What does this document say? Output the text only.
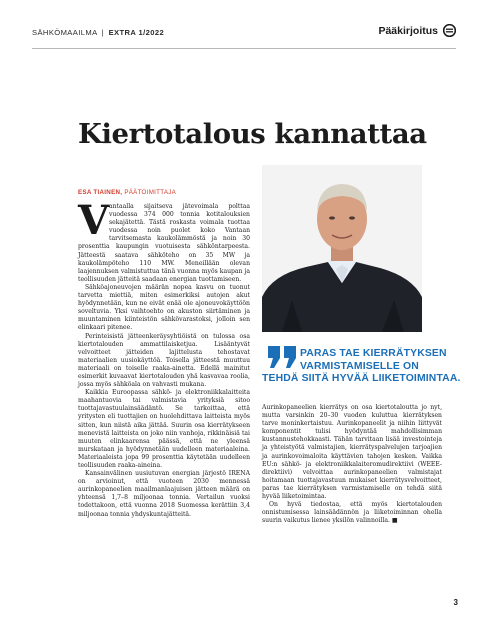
SÄHKÖMAAILMA | EXTRA 1/2022	Pääkirjoitus
Kiertotalous kannattaa
ESA TIAINEN, PÄÄTOIMITTAJA

Vantaalla sijaitseva jätevoimala polttaa vuodessa 374 000 tonnia kotitalouksien sekajätettä. Tästä roskasta voimala tuottaa vuodessa noin puolet koko Vantaan tarvitsemasta kaukolämmöstä ja noin 30 prosenttia kaupungin vuotuisesta sähköntarpeesta. Jätteestä saatava sähköteho on 35 MW ja kaukolämpöteho 110 MW. Meneillään olevan laajennuksen valmistuttua tänä vuonna myös kaupan ja teollisuuden jätteitä saadaan energian tuottamiseen.

Sähköajoneuvojen määrän nopea kasvu on tuonut tarvetta miettiä, miten esimerkiksi autojen akut hyödynnetään, kun ne eivät enää ole ajoneuvokäyttöön soveltuvia. Yksi vaihtoehto on akuston siirtäminen ja muuntaminen kiinteistön sähkövarastoksi, jolloin sen elinkaari pitenee.

Perinteisistä jätteenkeräysyhtiöistä on tulossa osa kiertotalouden ammattilaisketjua. Lisääntyvät velvoitteet jätteiden lajittelusta tehostavat materiaalien uusiokäyttöä. Toisella jätteestä muuttuu materiaali on toiselle raaka-ainetta. Edellä mainitut esimerkit kuvaavat kiertotalouden yhä kasvavaa roolia, jossa myös sähköala on vahvasti mukana.

Kaikkia Euroopassa sähkö- ja elektroniikkalaitteita maahantuovia tai valmistavia yrityksiä sitoo tuottajavastuulainsäädäntö. Se tarkoittaa, että yritysten eli tuottajien on huolehdittava laitteista myös sitten, kun niistä aika jättää. Suurin osa kierrätykseen menevistä laitteista on joko niin vanhoja, rikkinäisiä tai muuten elinkaarensa päässä, että ne yleensä murskataan ja hyödynnetään uudelleen materiaaleina. Materiaaleista jopa 99 prosenttia käytetään uudelleen teollisuuden raaka-aineina.

Kansainvälinen uusiutuvan energian järjestö IRENA on arvioinut, että vuoteen 2030 mennessä aurinkopaneelien maailmanlaajuisen jätteen määrä on yhteensä 1,7–8 miljoonaa tonnia. Vertailun vuoksi todettakoon, että vuonna 2018 Suomessa kerättiin 3,4 miljoonaa tonnia yhdyskuntajätteitä.

PARAS TAE KIERRÄTYKSEN
VARMISTAMISELLE ON
TEHDÄ SIITÄ HYVÄÄ LIIKETOIMINTAA.

Aurinkopaneelien kierrätys on osa kiertotaloutta jo nyt, mutta varsinkin 20–30 vuoden kuluttua kierrätyksen tarve moninkertaistuu. Aurinkopaneelit ja niihin liittyvät komponentit tulisi hyödyntää mahdollisimman kustannustehokkaasti. Tähän tarvitaan lisää investointeja ja yhteistyötä valmistajien, kierrätyspalvelujen tarjoajien ja aurinkovoimaloita käyttävien tahojen kesken. Vaikka EU:n sähkö- ja elektroniikkalaiteromudirektiivi (WEEE-direktiivi) velvoittaa aurinkopaneelien valmistajat hoitamaan tuottajavastuun mukaiset kierrätysvelvoitteet, paras tae kierrätyksen varmistamiselle on tehdä siitä hyvää liiketoimintaa.

On hyvä tiedostaa, että myös kiertotalouden onnistumisessa lainsäädännön ja liiketoiminnan ohella suurin vaikutus lienee yksilön valinnoilla. ■

3
